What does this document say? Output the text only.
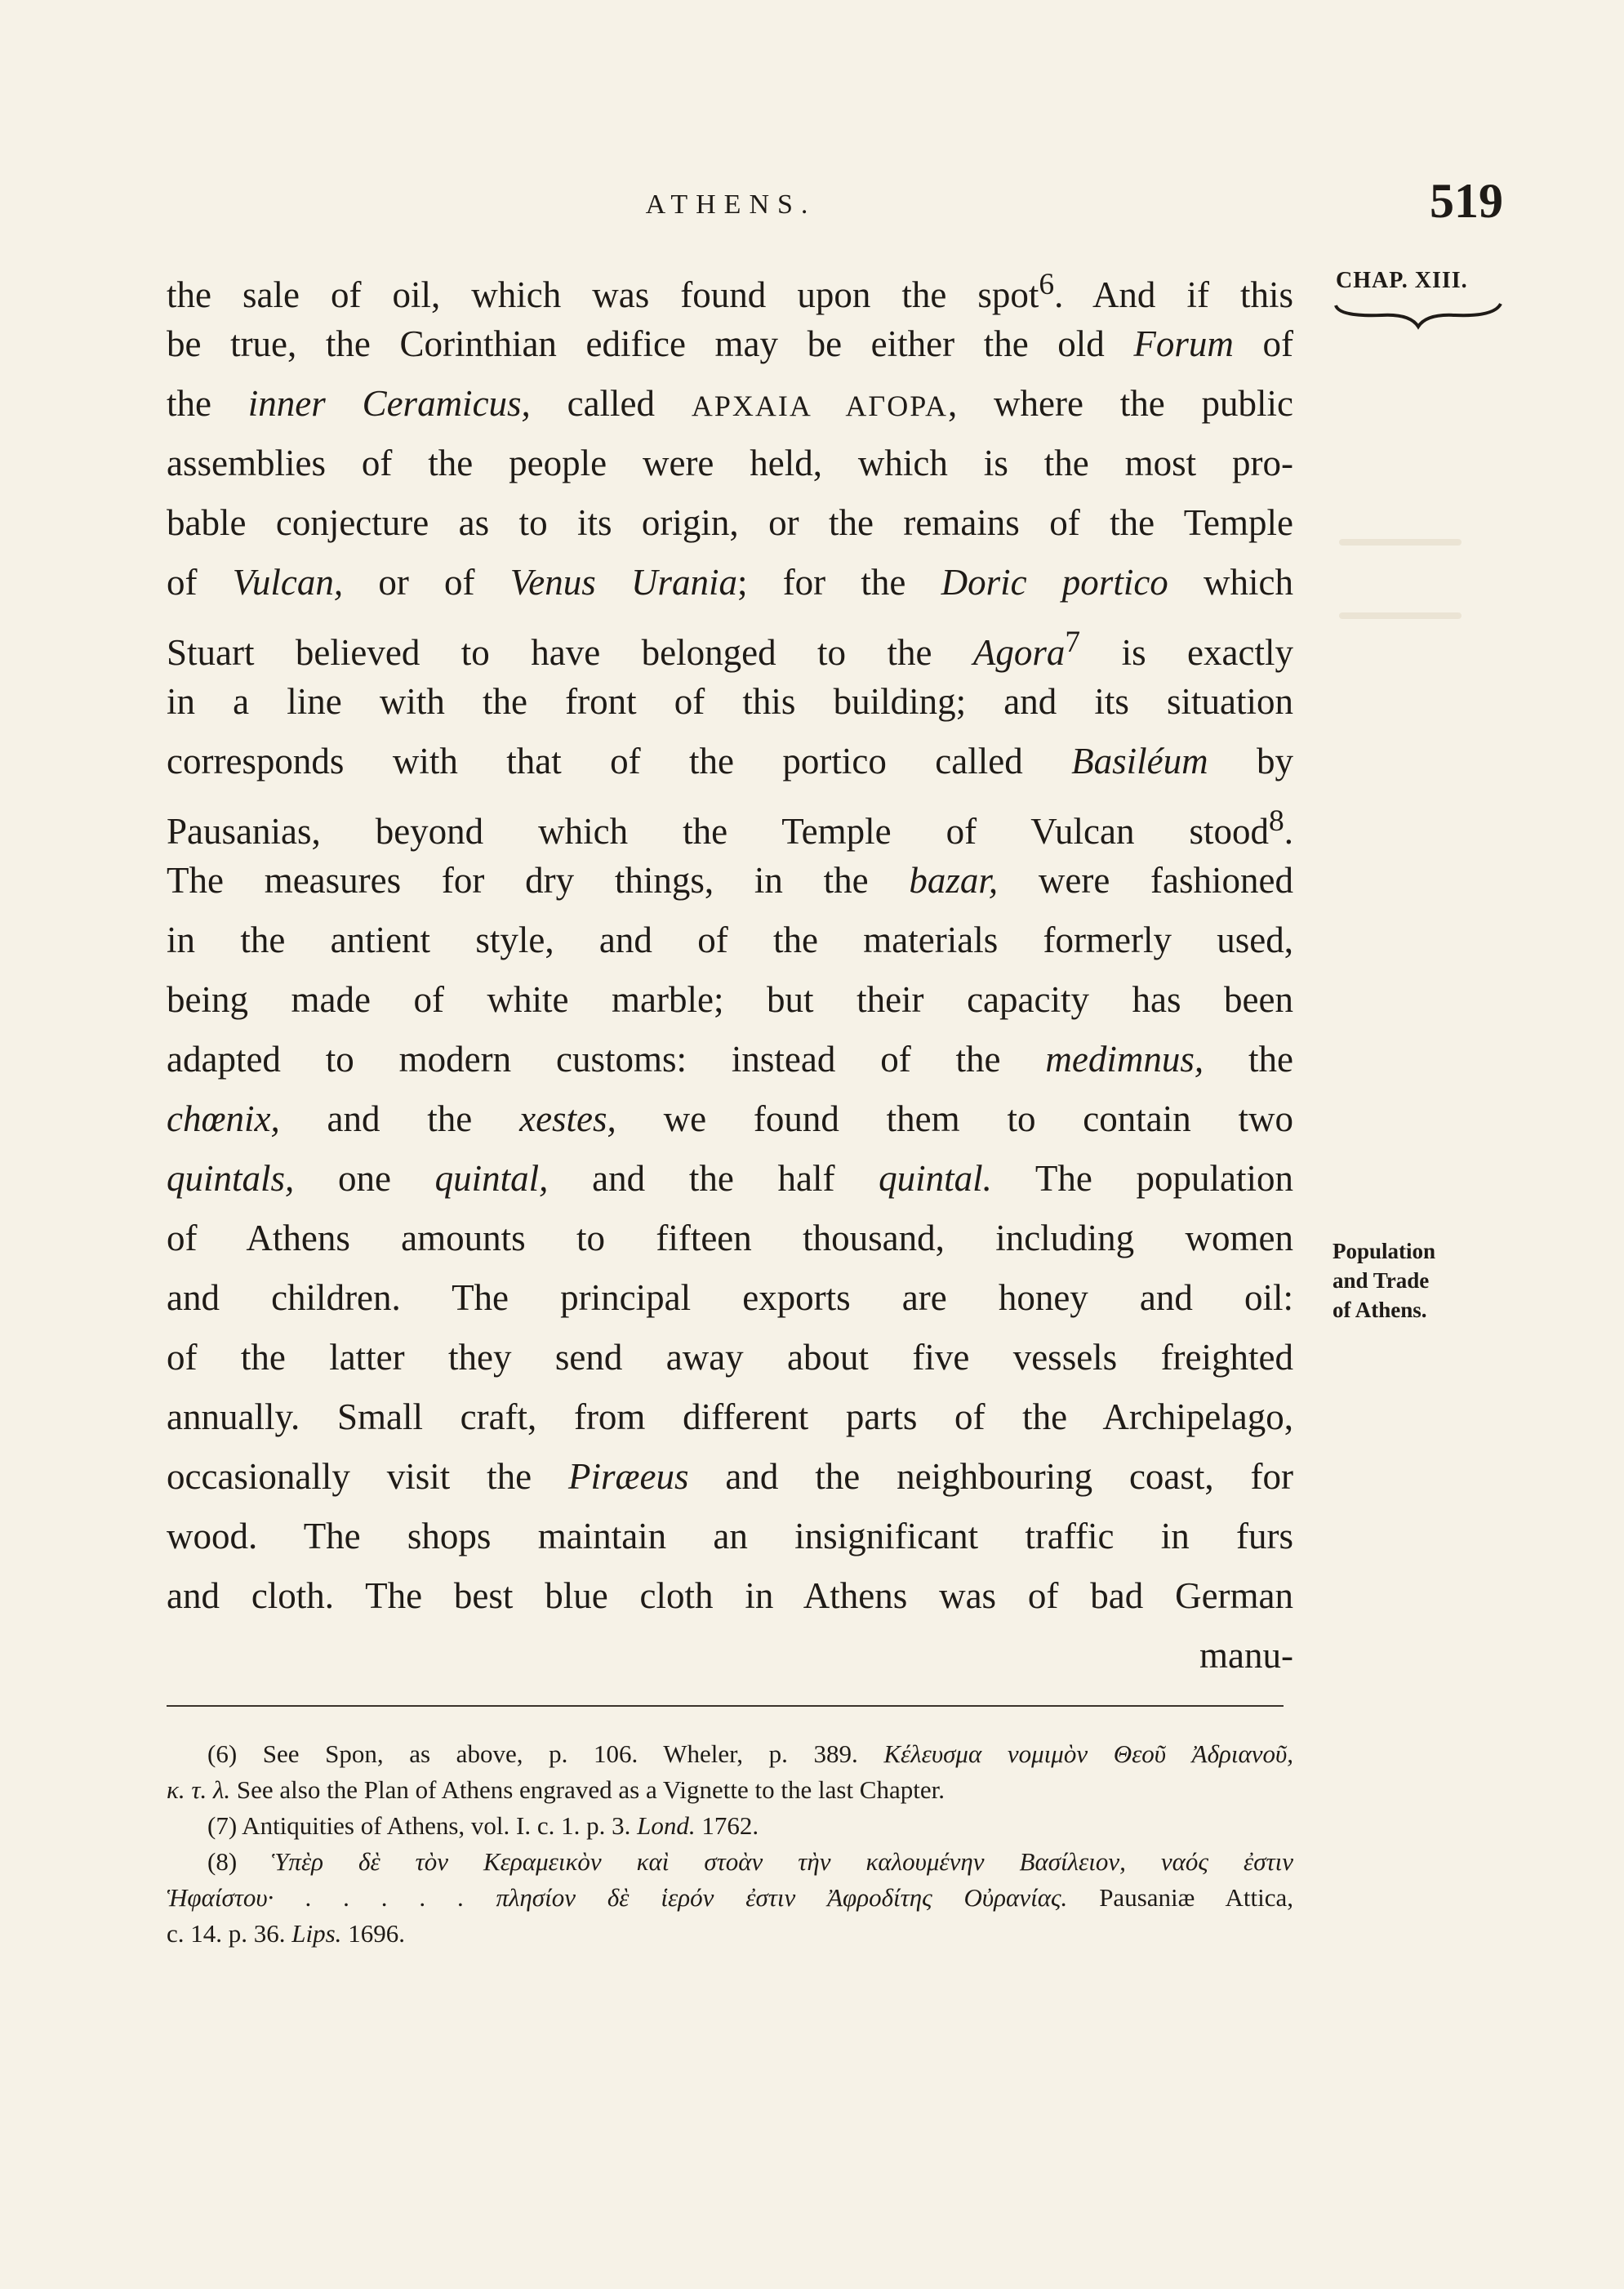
ATHENS.	519
CHAP. XIII.
the sale of oil, which was found upon the spot$^6$. And if this
be true, the Corinthian edifice may be either the old Forum of
the inner Ceramicus, called ΑΡΧΑΙΑ ΑΓΟΡΑ, where the public
assemblies of the people were held, which is the most pro-
bable conjecture as to its origin, or the remains of the Temple
of Vulcan, or of Venus Urania; for the Doric portico which
Stuart believed to have belonged to the Agora$^7$ is exactly
in a line with the front of this building; and its situation
corresponds with that of the portico called Basiléum by
Pausanias, beyond which the Temple of Vulcan stood$^8$.
The measures for dry things, in the bazar, were fashioned
in the antient style, and of the materials formerly used,
being made of white marble; but their capacity has been
adapted to modern customs: instead of the medimnus, the
chœnix, and the xestes, we found them to contain two
quintals, one quintal, and the half quintal. The population
of Athens amounts to fifteen thousand, including women
and children. The principal exports are honey and oil:
of the latter they send away about five vessels freighted
annually. Small craft, from different parts of the Archipelago,
occasionally visit the Piræeus and the neighbouring coast, for
wood. The shops maintain an insignificant traffic in furs
and cloth. The best blue cloth in Athens was of bad German
manu-
Population
and Trade
of Athens.
(6) See Spon, as above, p. 106. Wheler, p. 389. Κέλευσμα νομιμὸν Θεοῦ Ἀδριανοῦ,
κ. τ. λ. See also the Plan of Athens engraved as a Vignette to the last Chapter.
(7) Antiquities of Athens, vol. I. c. 1. p. 3. Lond. 1762.
(8) Ὑπὲρ δὲ τὸν Κεραμεικὸν καὶ στοὰν τὴν καλουμένην Βασίλειον, ναός ἐστιν
Ἡφαίστου· . . . . . πλησίον δὲ ἱερόν ἐστιν Ἀφροδίτης Οὐρανίας. Pausaniæ Attica,
c. 14. p. 36. Lips. 1696.
